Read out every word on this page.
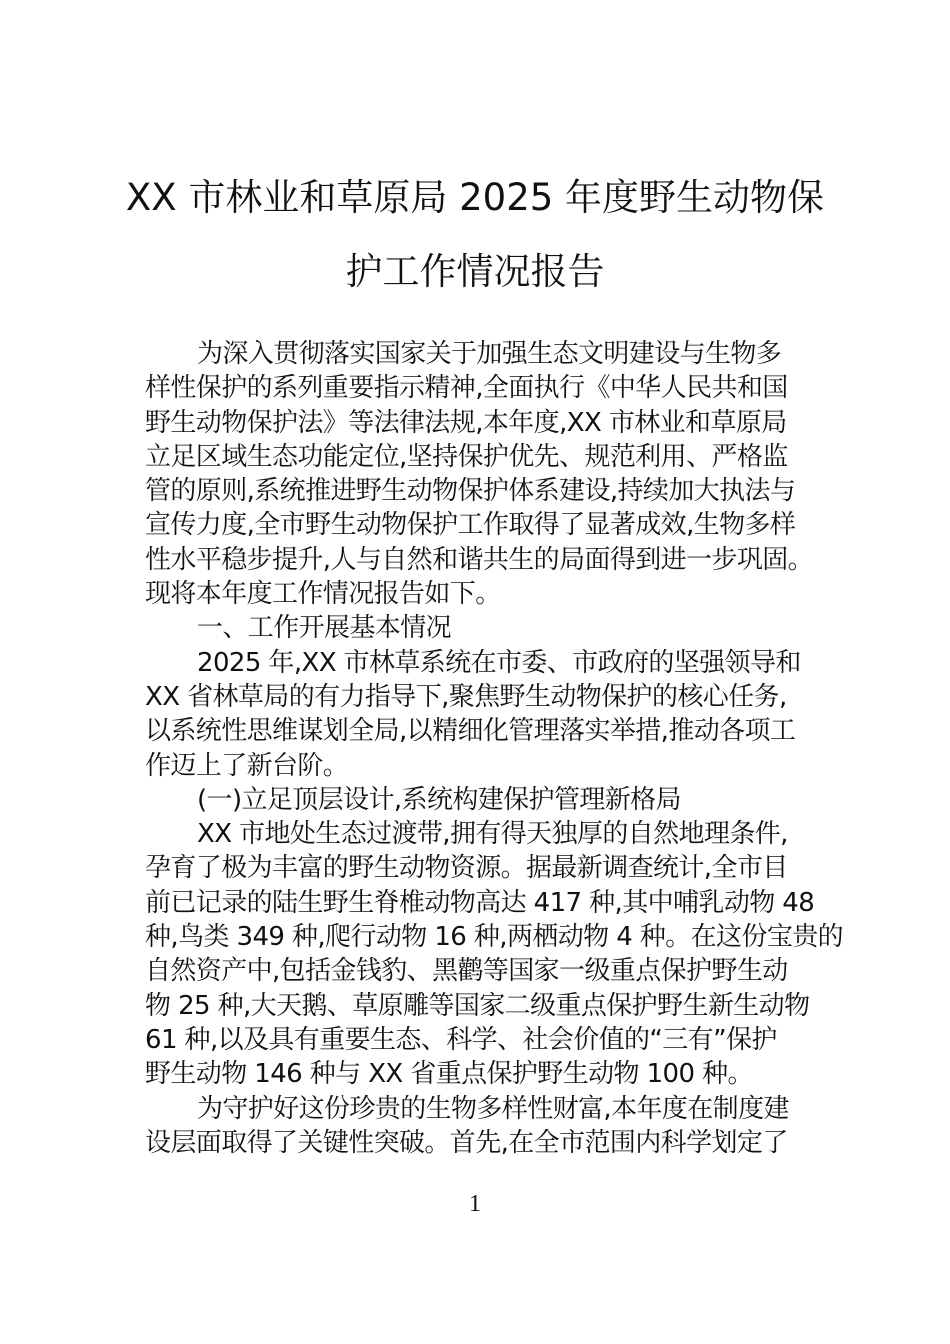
XX 市林业和草原局 2025 年度野生动物保
护工作情况报告
为深入贯彻落实国家关于加强生态文明建设与生物多
样性保护的系列重要指示精神,全面执行《中华人民共和国
野生动物保护法》等法律法规,本年度,XX 市林业和草原局
立足区域生态功能定位,坚持保护优先、规范利用、严格监
管的原则,系统推进野生动物保护体系建设,持续加大执法与
宣传力度,全市野生动物保护工作取得了显著成效,生物多样
性水平稳步提升,人与自然和谐共生的局面得到进一步巩固。
现将本年度工作情况报告如下。
一、工作开展基本情况
2025 年,XX 市林草系统在市委、市政府的坚强领导和
XX 省林草局的有力指导下,聚焦野生动物保护的核心任务,
以系统性思维谋划全局,以精细化管理落实举措,推动各项工
作迈上了新台阶。
(一)立足顶层设计,系统构建保护管理新格局
XX 市地处生态过渡带,拥有得天独厚的自然地理条件,
孕育了极为丰富的野生动物资源。据最新调查统计,全市目
前已记录的陆生野生脊椎动物高达 417 种,其中哺乳动物 48
种,鸟类 349 种,爬行动物 16 种,两栖动物 4 种。在这份宝贵的
自然资产中,包括金钱豹、黑鹳等国家一级重点保护野生动
物 25 种,大天鹅、草原雕等国家二级重点保护野生新生动物
61 种,以及具有重要生态、科学、社会价值的“三有”保护
野生动物 146 种与 XX 省重点保护野生动物 100 种。
为守护好这份珍贵的生物多样性财富,本年度在制度建
设层面取得了关键性突破。首先,在全市范围内科学划定了
1
